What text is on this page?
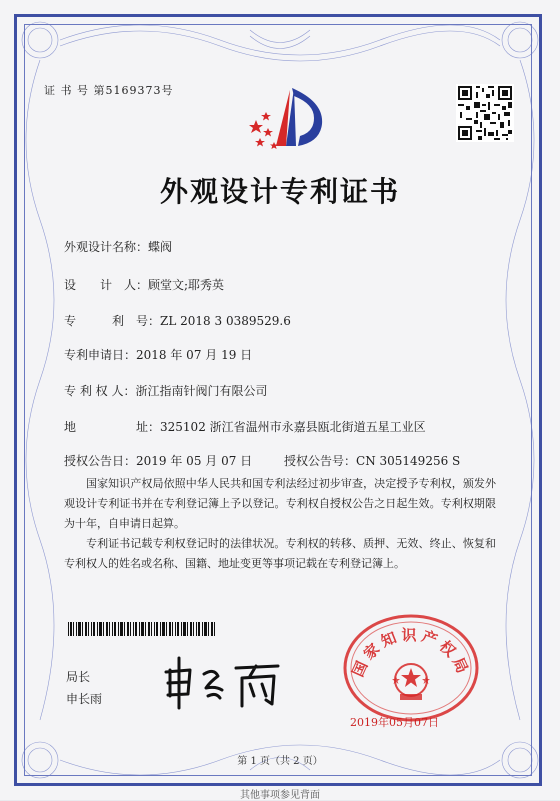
证 书 号 第5169373号
外观设计专利证书
外观设计名称：蝶阀
设　　计　人：顾堂文;耶秀英
专　　　利　号：ZL 2018 3 0389529.6
专利申请日：2018 年 07 月 19 日
专 利 权 人：浙江指南针阀门有限公司
地　　　　　址：325102 浙江省温州市永嘉县瓯北街道五星工业区
授权公告日：2019 年 05 月 07 日	授权公告号：CN 305149256 S
国家知识产权局依照中华人民共和国专利法经过初步审查，决定授予专利权，颁发外观设计专利证书并在专利登记簿上予以登记。专利权自授权公告之日起生效。专利权期限为十年，自申请日起算。
专利证书记载专利权登记时的法律状况。专利权的转移、质押、无效、终止、恢复和专利权人的姓名或名称、国籍、地址变更等事项记载在专利登记簿上。
局长
申长雨
国家知识产权局
2019年05月07日
第 1 页（共 2 页）
其他事项参见背面
